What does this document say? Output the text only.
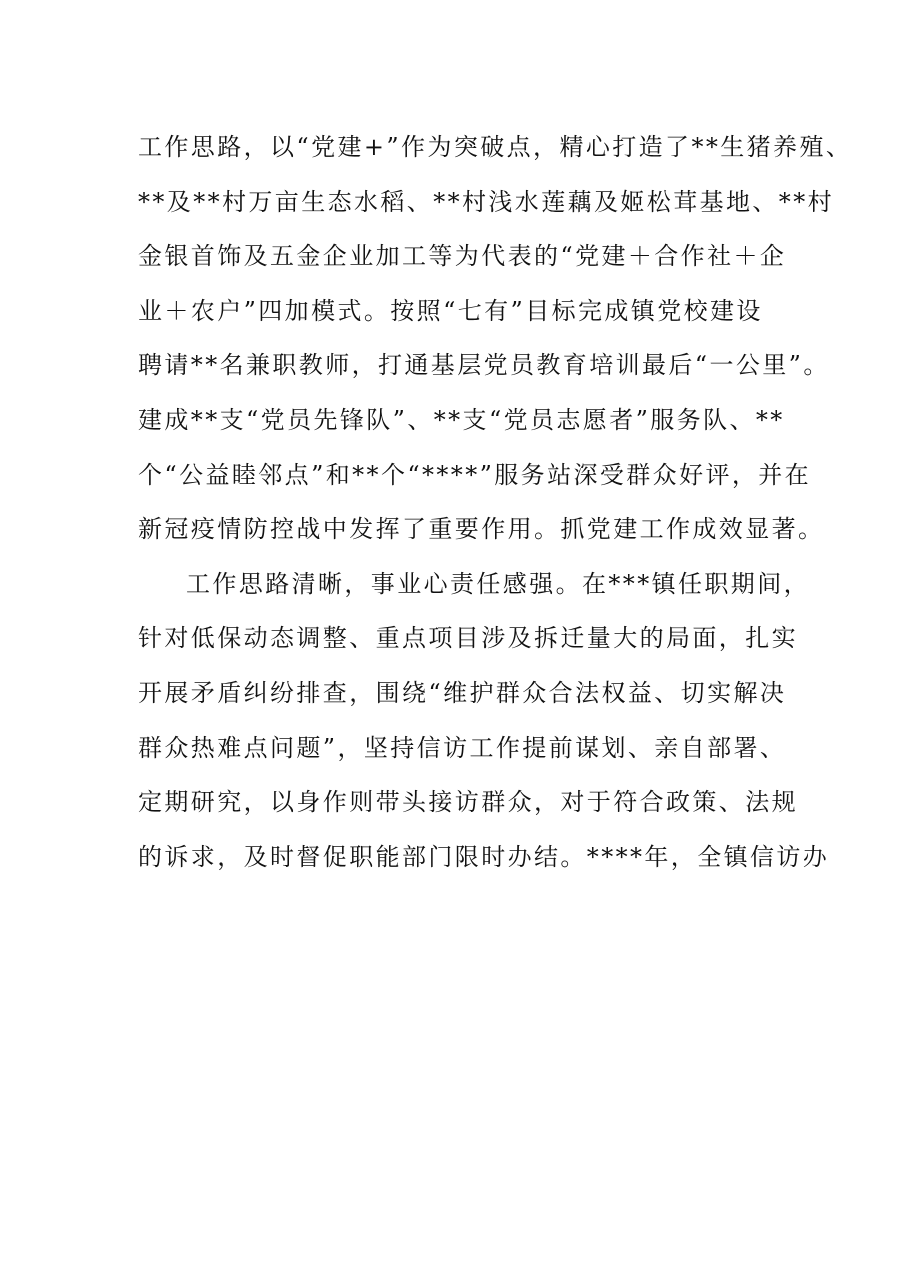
工作思路，以“党建+”作为突破点，精心打造了**生猪养殖、
**及**村万亩生态水稻、**村浅水莲藕及姬松茸基地、**村
金银首饰及五金企业加工等为代表的“党建＋合作社＋企
业＋农户”四加模式。按照“七有”目标完成镇党校建设
聘请**名兼职教师，打通基层党员教育培训最后“一公里”。
建成**支“党员先锋队”、**支“党员志愿者”服务队、**
个“公益睦邻点”和**个“****”服务站深受群众好评，并在
新冠疫情防控战中发挥了重要作用。抓党建工作成效显著。
工作思路清晰，事业心责任感强。在***镇任职期间，
针对低保动态调整、重点项目涉及拆迁量大的局面，扎实
开展矛盾纠纷排查，围绕“维护群众合法权益、切实解决
群众热难点问题”，坚持信访工作提前谋划、亲自部署、
定期研究，以身作则带头接访群众，对于符合政策、法规
的诉求，及时督促职能部门限时办结。****年，全镇信访办
